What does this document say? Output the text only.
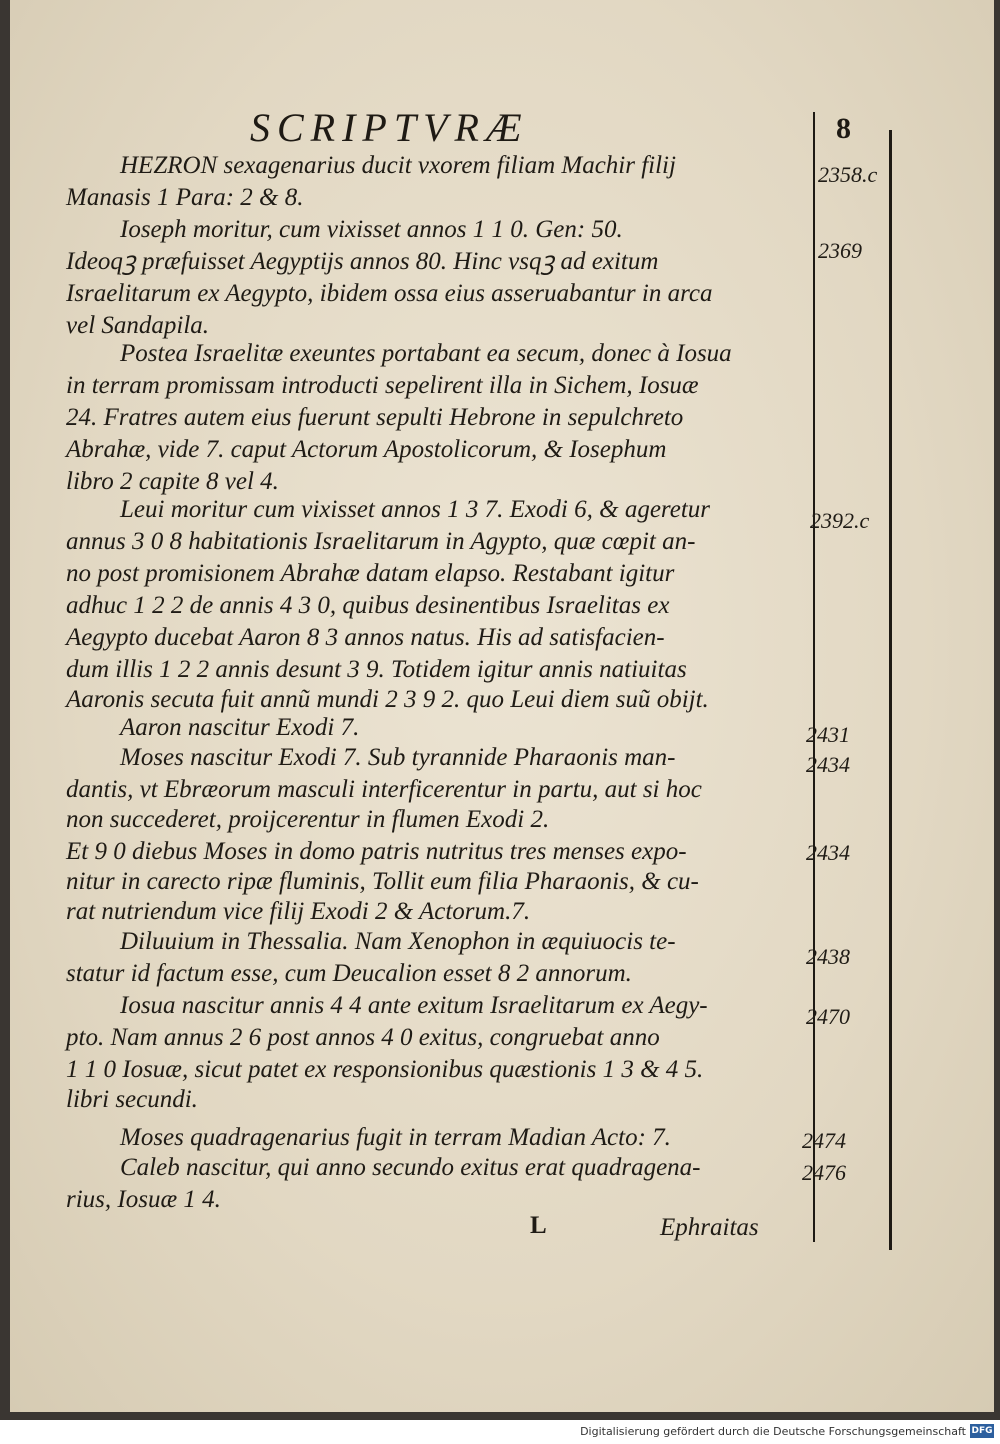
SCRIPTVRÆ	8
HEZRON sexagenarius ducit vxorem filiam Machir filij
Manasis 1 Para: 2 & 8.
Ioseph moritur, cum vixisset annos 1 1 0. Gen: 50.
Ideoqꝫ præfuisset Aegyptijs annos 80. Hinc vsqꝫ ad exitum
Israelitarum ex Aegypto, ibidem ossa eius asseruabantur in arca
vel Sandapila.
Postea Israelitæ exeuntes portabant ea secum, donec à Iosua
in terram promissam introducti sepelirent illa in Sichem, Iosuæ
24. Fratres autem eius fuerunt sepulti Hebrone in sepulchreto
Abrahæ, vide 7. caput Actorum Apostolicorum, & Iosephum
libro 2 capite 8 vel 4.
Leui moritur cum vixisset annos 1 3 7. Exodi 6, & ageretur
annus 3 0 8 habitationis Israelitarum in Agypto, quæ cœpit an-
no post promisionem Abrahæ datam elapso. Restabant igitur
adhuc 1 2 2 de annis 4 3 0, quibus desinentibus Israelitas ex
Aegypto ducebat Aaron 8 3 annos natus. His ad satisfacien-
dum illis 1 2 2 annis desunt 3 9. Totidem igitur annis natiuitas
Aaronis secuta fuit annũ mundi 2 3 9 2. quo Leui diem suũ obijt.
Aaron nascitur Exodi 7.
Moses nascitur Exodi 7. Sub tyrannide Pharaonis man-
dantis, vt Ebræorum masculi interficerentur in partu, aut si hoc
non succederet, proijcerentur in flumen Exodi 2.
Et 9 0 diebus Moses in domo patris nutritus tres menses expo-
nitur in carecto ripæ fluminis, Tollit eum filia Pharaonis, & cu-
rat nutriendum vice filij Exodi 2 & Actorum.7.
Diluuium in Thessalia. Nam Xenophon in æquiuocis te-
statur id factum esse, cum Deucalion esset 8 2 annorum.
Iosua nascitur annis 4 4 ante exitum Israelitarum ex Aegy-
pto. Nam annus 2 6 post annos 4 0 exitus, congruebat anno
1 1 0 Iosuæ, sicut patet ex responsionibus quæstionis 1 3 & 4 5.
libri secundi.
Moses quadragenarius fugit in terram Madian Acto: 7.
Caleb nascitur, qui anno secundo exitus erat quadragena-
rius, Iosuæ 1 4.
2358.c
2369
2392.c
2431
2434
2434
2438
2470
2474
2476
L	Ephraitas
Digitalisierung gefördert durch die Deutsche Forschungsgemeinschaft DFG
